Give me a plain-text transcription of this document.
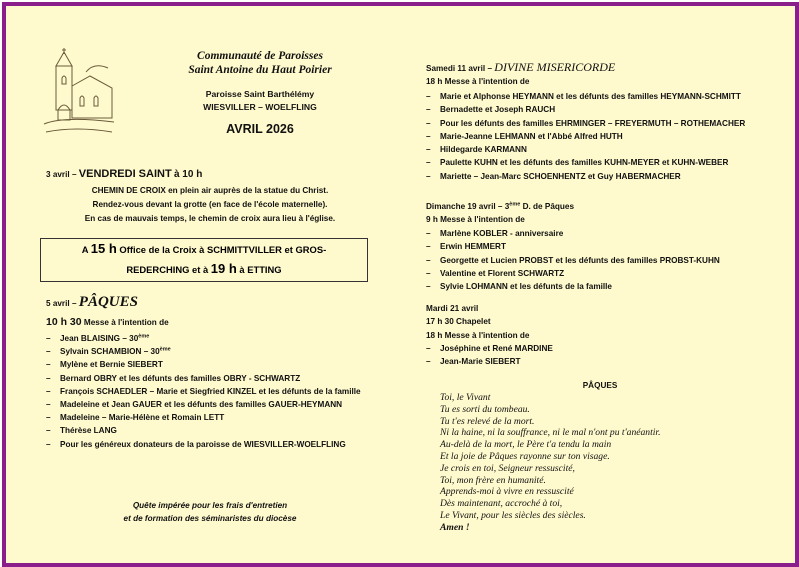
Communauté de Paroisses
Saint Antoine du Haut Poirier
Paroisse Saint Barthélémy
WIESVILLER – WOELFLING
AVRIL 2026
3 avril – VENDREDI SAINT à 10 h
CHEMIN DE CROIX en plein air auprès de la statue du Christ.
Rendez-vous devant la grotte (en face de l'école maternelle).
En cas de mauvais temps, le chemin de croix aura lieu à l'église.
A 15 h Office de la Croix à SCHMITTVILLER et GROS-
REDERCHING et à 19 h à ETTING
5 avril – PÂQUES
10 h 30 Messe à l'intention de
–	Jean BLAISING – 30ème
–	Sylvain SCHAMBION – 30ème
–	Mylène et Bernie SIEBERT
–	Bernard OBRY et les défunts des familles OBRY - SCHWARTZ
–	François SCHAEDLER – Marie et Siegfried KINZEL et les défunts de la famille
–	Madeleine et Jean GAUER et les défunts des familles GAUER-HEYMANN
–	Madeleine – Marie-Hélène et Romain LETT
–	Thérèse LANG
–	Pour les généreux donateurs de la paroisse de WIESVILLER-WOELFLING
Quête impérée pour les frais d'entretien
et de formation des séminaristes du diocèse
Samedi 11 avril – DIVINE MISERICORDE
18 h Messe à l'intention de
–	Marie et Alphonse HEYMANN et les défunts des familles HEYMANN-SCHMITT
–	Bernadette et Joseph RAUCH
–	Pour les défunts des familles EHRMINGER – FREYERMUTH – ROTHEMACHER
–	Marie-Jeanne LEHMANN et l'Abbé Alfred HUTH
–	Hildegarde KARMANN
–	Paulette KUHN et les défunts des familles KUHN-MEYER et KUHN-WEBER
–	Mariette – Jean-Marc SCHOENHENTZ et Guy HABERMACHER
Dimanche 19 avril – 3ème D. de Pâques
9 h Messe à l'intention de
–	Marlène KOBLER - anniversaire
–	Erwin HEMMERT
–	Georgette et Lucien PROBST et les défunts des familles PROBST-KUHN
–	Valentine et Florent SCHWARTZ
–	Sylvie LOHMANN et les défunts de la famille
Mardi 21 avril
17 h 30 Chapelet
18 h Messe à l'intention de
–	Joséphine et René MARDINE
–	Jean-Marie SIEBERT
PÂQUES
Toi, le Vivant
Tu es sorti du tombeau.
Tu t'es relevé de la mort.
Ni la haine, ni la souffrance, ni le mal n'ont pu t'anéantir.
Au-delà de la mort, le Père t'a tendu la main
Et la joie de Pâques rayonne sur ton visage.
Je crois en toi, Seigneur ressuscité,
Toi, mon frère en humanité.
Apprends-moi à vivre en ressuscité
Dès maintenant, accroché à toi,
Le Vivant, pour les siècles des siècles.
Amen !
